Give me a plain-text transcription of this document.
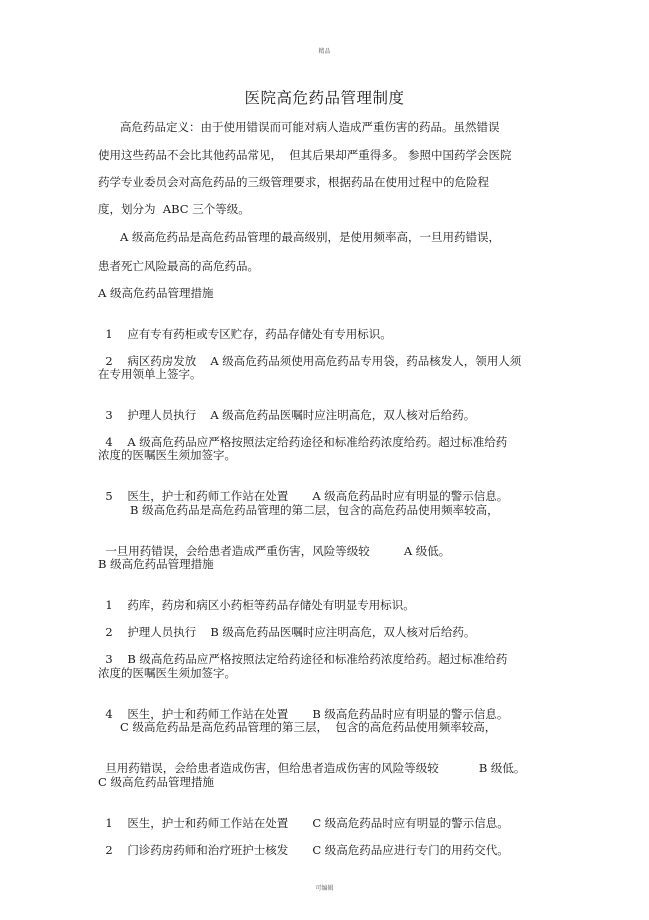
精品
医院高危药品管理制度
高危药品定义：由于使用错误而可能对病人造成严重伤害的药品。虽然错误
使用这些药品不会比其他药品常见，  但其后果却严重得多。 参照中国药学会医院
药学专业委员会对高危药品的三级管理要求，根据药品在使用过程中的危险程
度，划分为  ABC 三个等级。
A 级高危药品是高危药品管理的最高级别，是使用频率高，一旦用药错误，
患者死亡风险最高的高危药品。
A 级高危药品管理措施

1 应有专有药柜或专区贮存，药品存储处有专用标识。

2 病区药房发放 A 级高危药品须使用高危药品专用袋，药品核发人，领用人须

在专用领单上签字。

3 护理人员执行 A 级高危药品医嘱时应注明高危，双人核对后给药。

4 A 级高危药品应严格按照法定给药途径和标准给药浓度给药。超过标准给药

浓度的医嘱医生须加签字。

5 医生，护士和药师工作站在处置 A 级高危药品时应有明显的警示信息。

B 级高危药品是高危药品管理的第二层，包含的高危药品使用频率较高，

一旦用药错误，会给患者造成严重伤害，风险等级较	A 级低。

B 级高危药品管理措施

1 药库，药房和病区小药柜等药品存储处有明显专用标识。

2 护理人员执行 B 级高危药品医嘱时应注明高危，双人核对后给药。

3 B 级高危药品应严格按照法定给药途径和标准给药浓度给药。超过标准给药

浓度的医嘱医生须加签字。

4 医生，护士和药师工作站在处置 B 级高危药品时应有明显的警示信息。

C 级高危药品是高危药品管理的第三层，  包含的高危药品使用频率较高，

旦用药错误，会给患者造成伤害，但给患者造成伤害的风险等级较	B 级低。

C 级高危药品管理措施

1 医生，护士和药师工作站在处置 C 级高危药品时应有明显的警示信息。

2 门诊药房药师和治疗班护士核发 C 级高危药品应进行专门的用药交代。

可编辑
